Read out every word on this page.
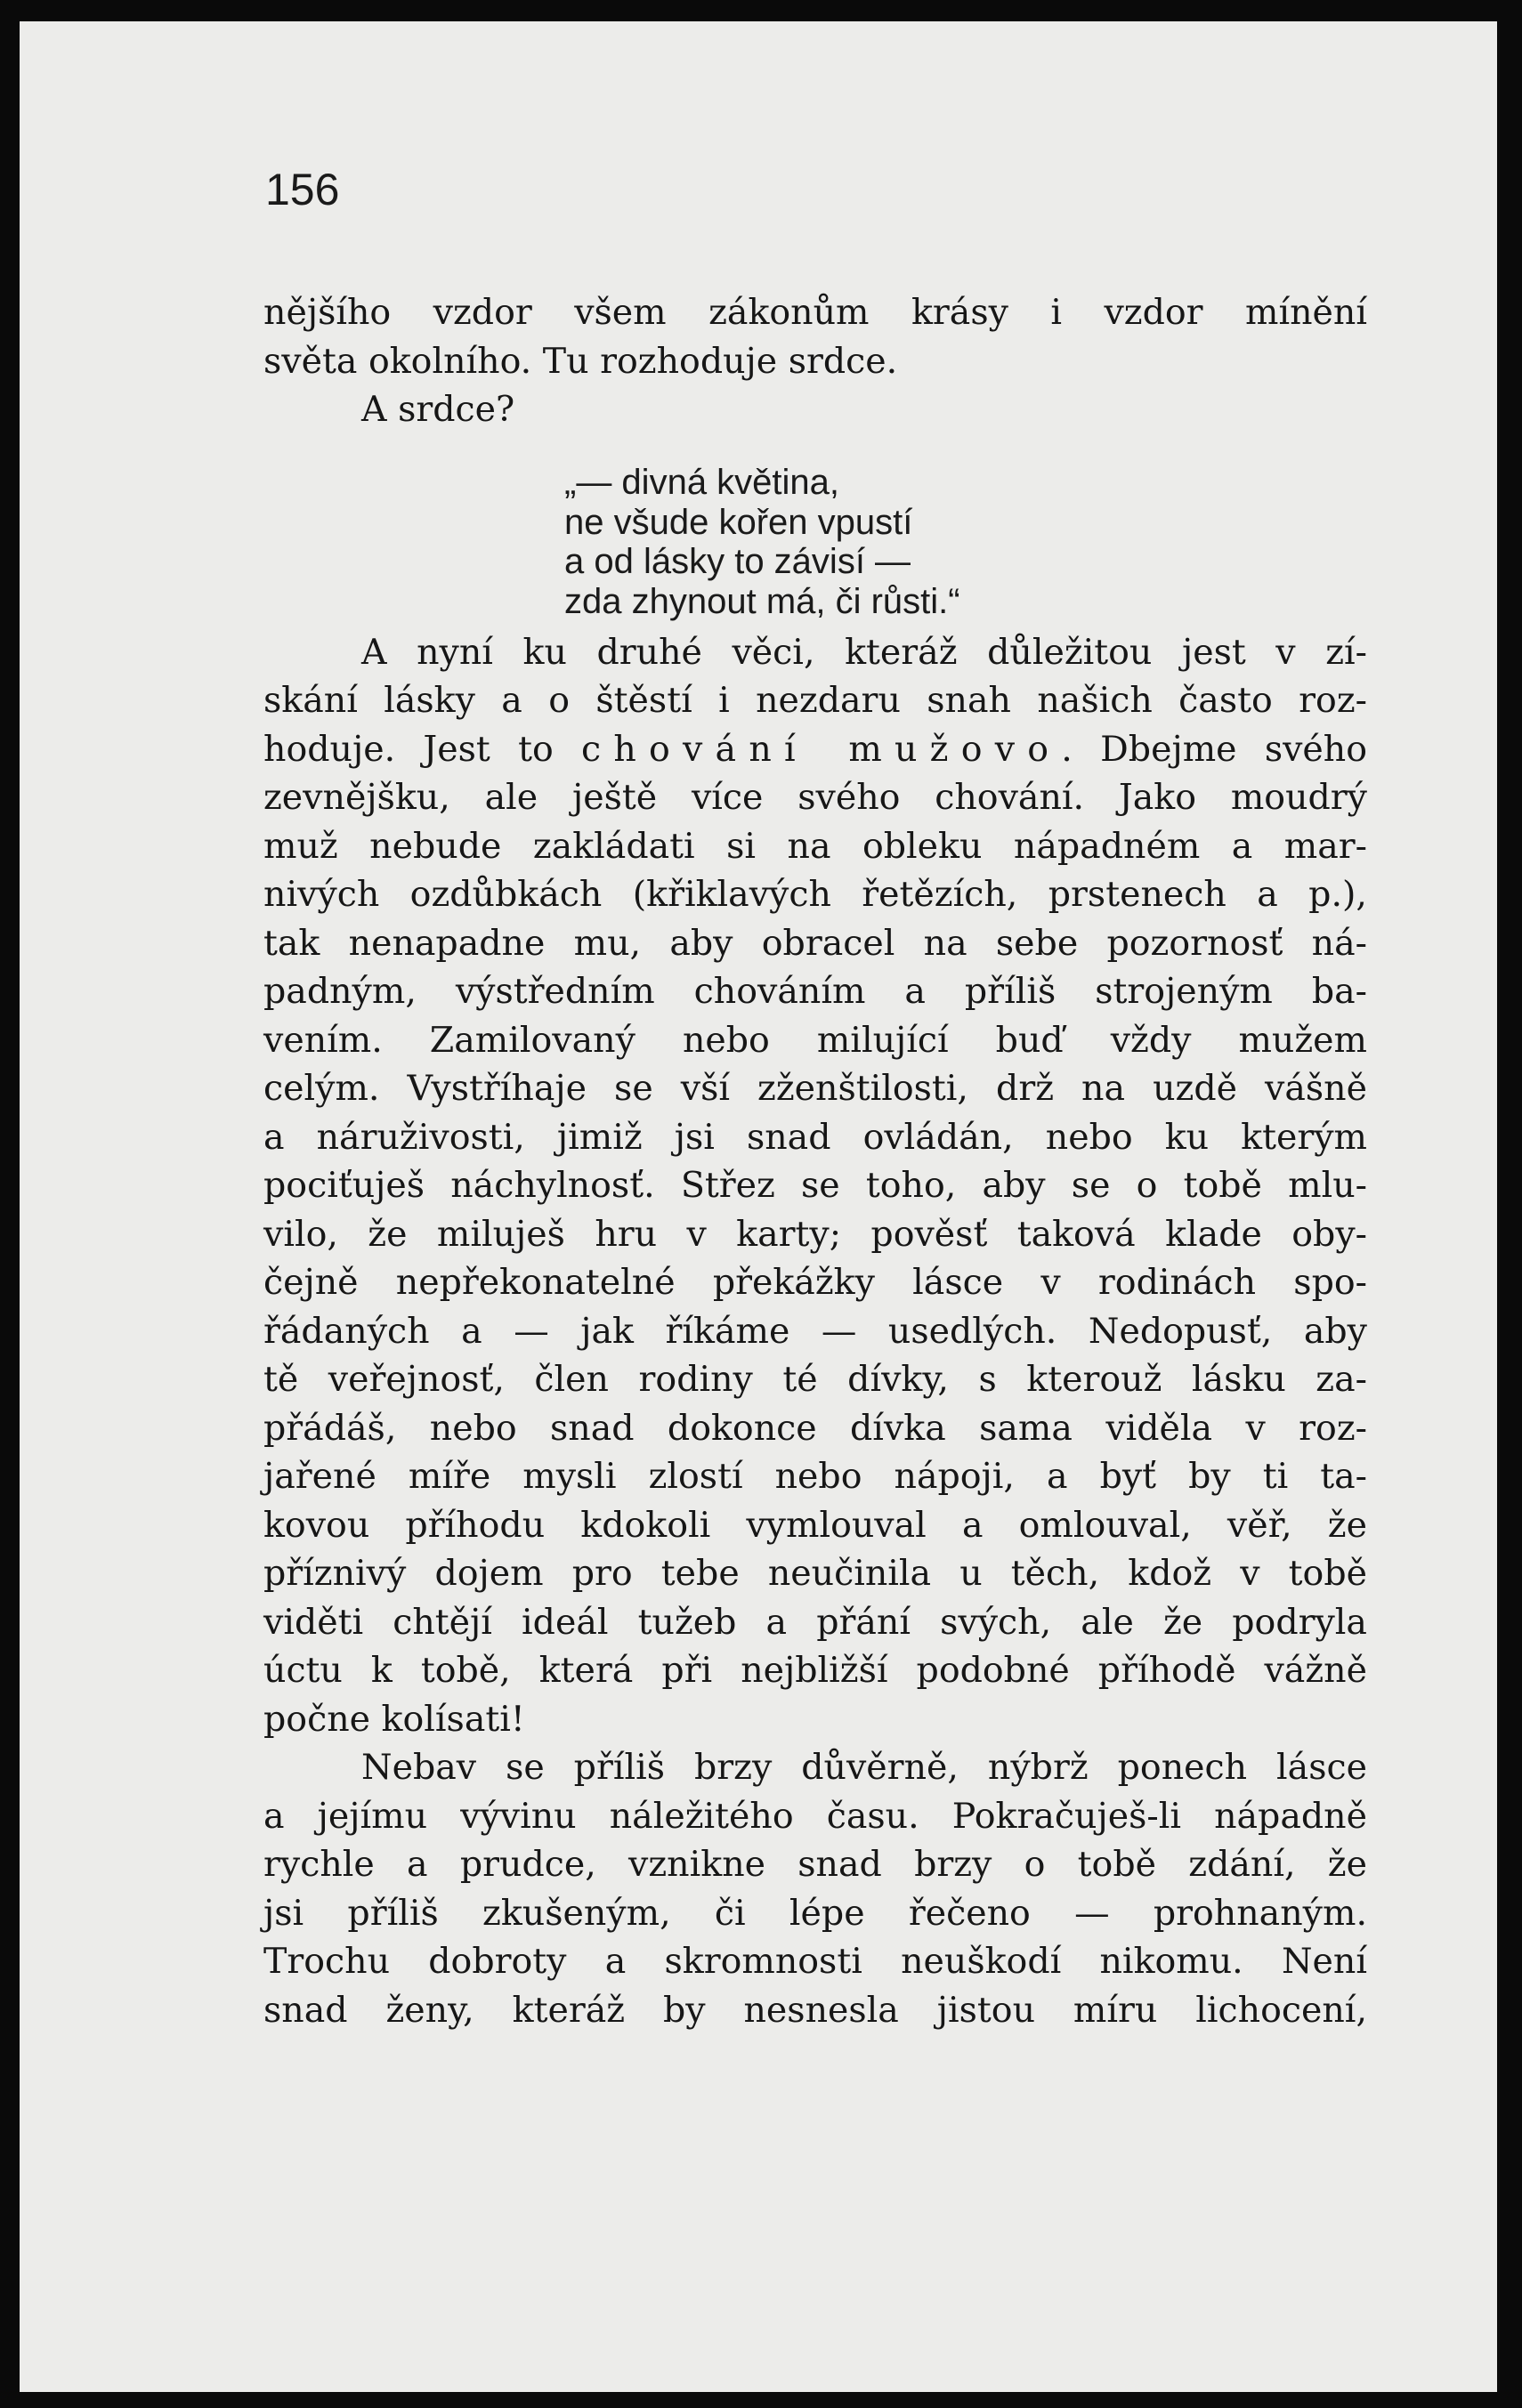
156
„— divná květina,
ne všude kořen vpustí
a od lásky to závisí —
zda zhynout má, či růsti.“
nějšího vzdor všem zákonům krásy i vzdor mínění
světa okolního. Tu rozhoduje srdce.
A srdce?
A nyní ku druhé věci, kteráž důležitou jest v zí-
skání lásky a o štěstí i nezdaru snah našich často roz-
hoduje. Jest to chování mužovo. Dbejme svého
zevnějšku, ale ještě více svého chování. Jako moudrý
muž nebude zakládati si na obleku nápadném a mar-
nivých ozdůbkách (křiklavých řetězích, prstenech a p.),
tak nenapadne mu, aby obracel na sebe pozornosť ná-
padným, výstředním chováním a příliš strojeným ba-
vením. Zamilovaný nebo milující buď vždy mužem
celým. Vystříhaje se vší zženštilosti, drž na uzdě vášně
a náruživosti, jimiž jsi snad ovládán, nebo ku kterým
pociťuješ náchylnosť. Střez se toho, aby se o tobě mlu-
vilo, že miluješ hru v karty; pověsť taková klade oby-
čejně nepřekonatelné překážky lásce v rodinách spo-
řádaných a — jak říkáme — usedlých. Nedopusť, aby
tě veřejnosť, člen rodiny té dívky, s kterouž lásku za-
přádáš, nebo snad dokonce dívka sama viděla v roz-
jařené míře mysli zlostí nebo nápoji, a byť by ti ta-
kovou příhodu kdokoli vymlouval a omlouval, věř, že
příznivý dojem pro tebe neučinila u těch, kdož v tobě
viděti chtějí ideál tužeb a přání svých, ale že podryla
úctu k tobě, která při nejbližší podobné příhodě vážně
počne kolísati!
Nebav se příliš brzy důvěrně, nýbrž ponech lásce
a jejímu vývinu náležitého času. Pokračuješ-li nápadně
rychle a prudce, vznikne snad brzy o tobě zdání, že
jsi příliš zkušeným, či lépe řečeno — prohnaným.
Trochu dobroty a skromnosti neuškodí nikomu. Není
snad ženy, kteráž by nesnesla jistou míru lichocení,
